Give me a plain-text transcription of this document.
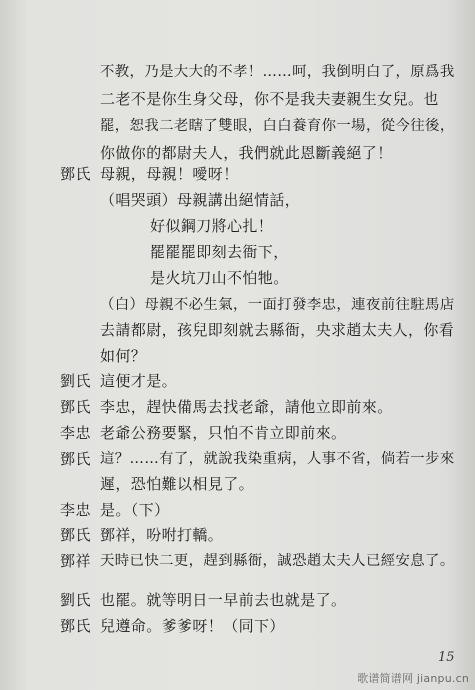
不教，乃是大大的不孝！……呵，我倒明白了，原爲我
二老不是你生身父母，你不是我夫妻親生女兒。也
罷，恕我二老瞎了雙眼，白白養育你一場，從今往後，
你做你的都尉夫人，我們就此恩斷義絕了！
鄧氏 母親，母親！噯呀！
（唱哭頭）母親講出絕情話，
好似鋼刀將心扎！
罷罷罷即刻去衙下，
是火坑刀山不怕牠。
（白）母親不必生氣，一面打發李忠，連夜前往駐馬店
去請都尉，孩兒即刻就去縣衙，央求趙太夫人，你看
如何？
劉氏 這便才是。
鄧氏 李忠，趕快備馬去找老爺，請他立即前來。
李忠 老爺公務要緊，只怕不肯立即前來。
鄧氏 這？……有了，就說我染重病，人事不省，倘若一步來
遲，恐怕難以相見了。
李忠 是。（下）
鄧氏 鄧祥，吩咐打轎。
鄧祥 天時已快二更，趕到縣衙，誠恐趙太夫人已經安息了。
劉氏 也罷。就等明日一早前去也就是了。
鄧氏 兒遵命。爹爹呀！（同下）
15
歌谱简谱网 jianpu.cn
